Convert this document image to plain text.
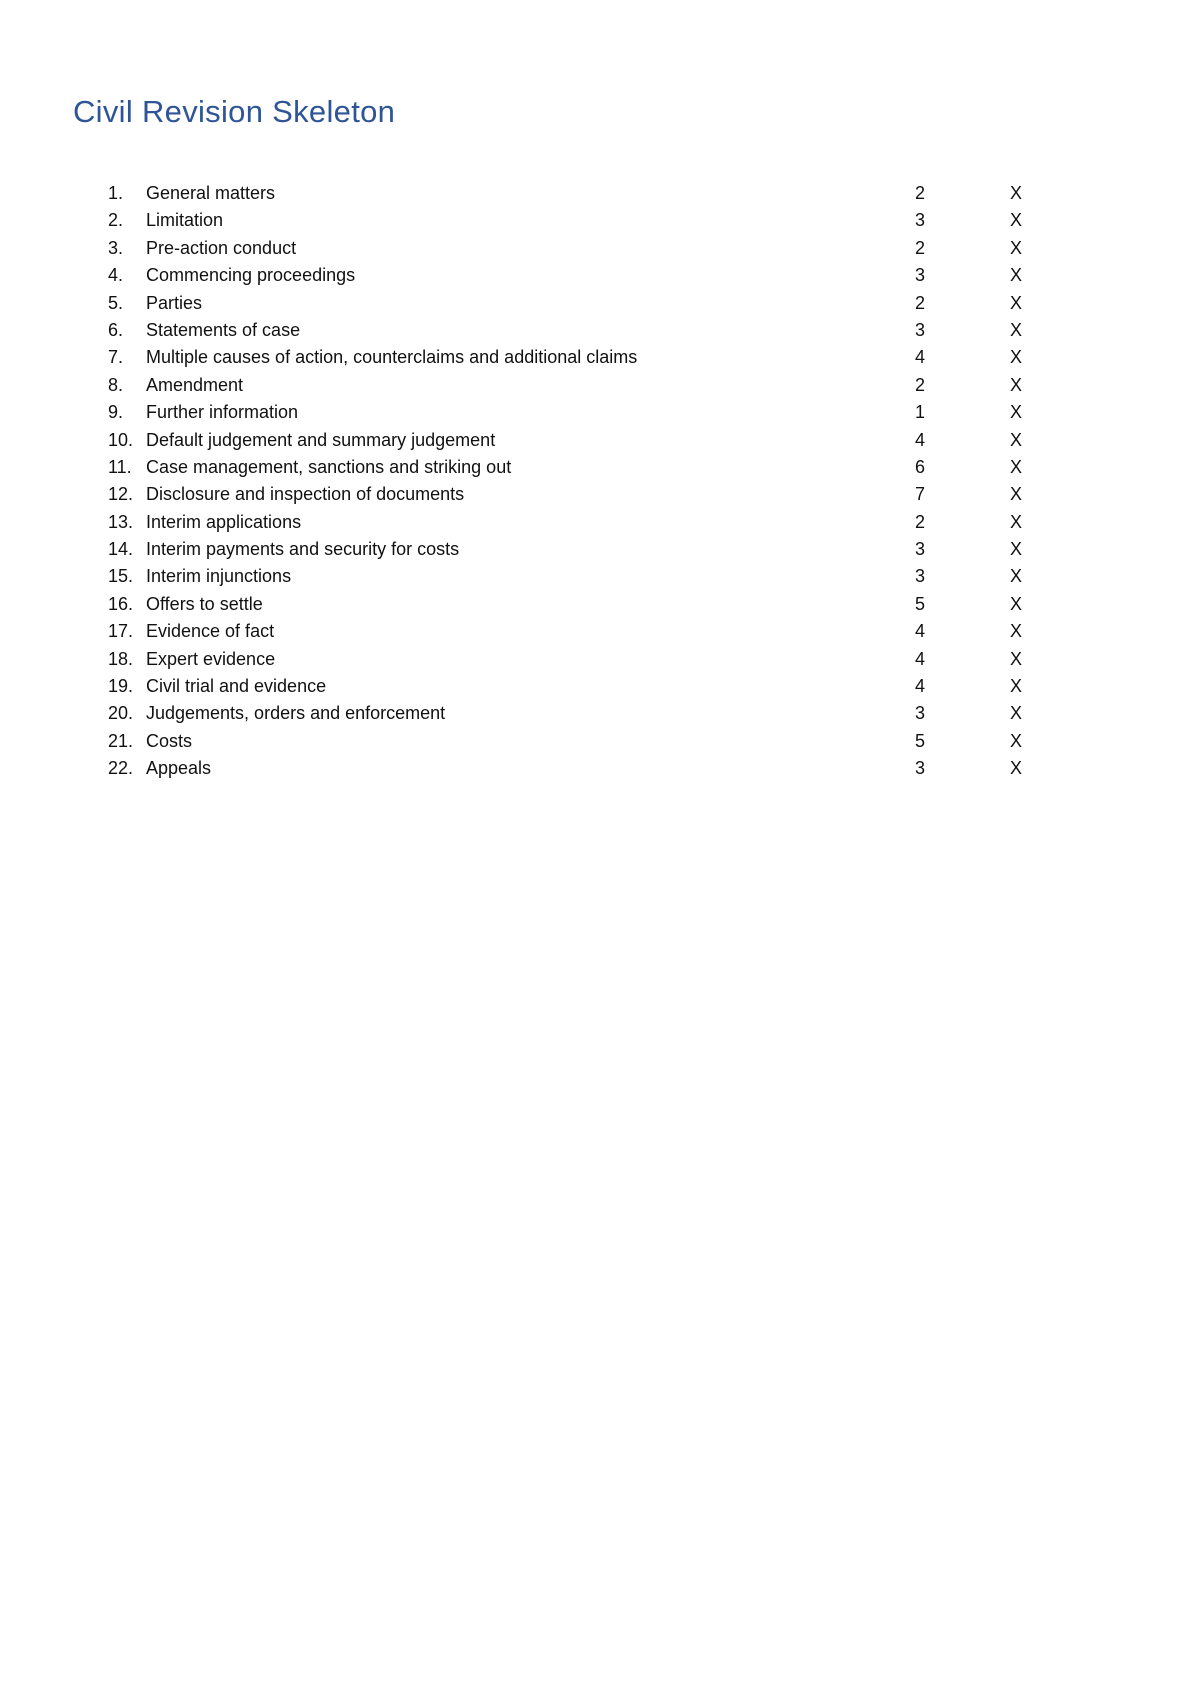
Civil Revision Skeleton
1. General matters	2	X
2. Limitation	3	X
3. Pre-action conduct	2	X
4. Commencing proceedings	3	X
5. Parties	2	X
6. Statements of case	3	X
7. Multiple causes of action, counterclaims and additional claims	4	X
8. Amendment	2	X
9. Further information	1	X
10. Default judgement and summary judgement	4	X
11. Case management, sanctions and striking out	6	X
12. Disclosure and inspection of documents	7	X
13. Interim applications	2	X
14. Interim payments and security for costs	3	X
15. Interim injunctions	3	X
16. Offers to settle	5	X
17. Evidence of fact	4	X
18. Expert evidence	4	X
19. Civil trial and evidence	4	X
20. Judgements, orders and enforcement	3	X
21. Costs	5	X
22. Appeals	3	X
